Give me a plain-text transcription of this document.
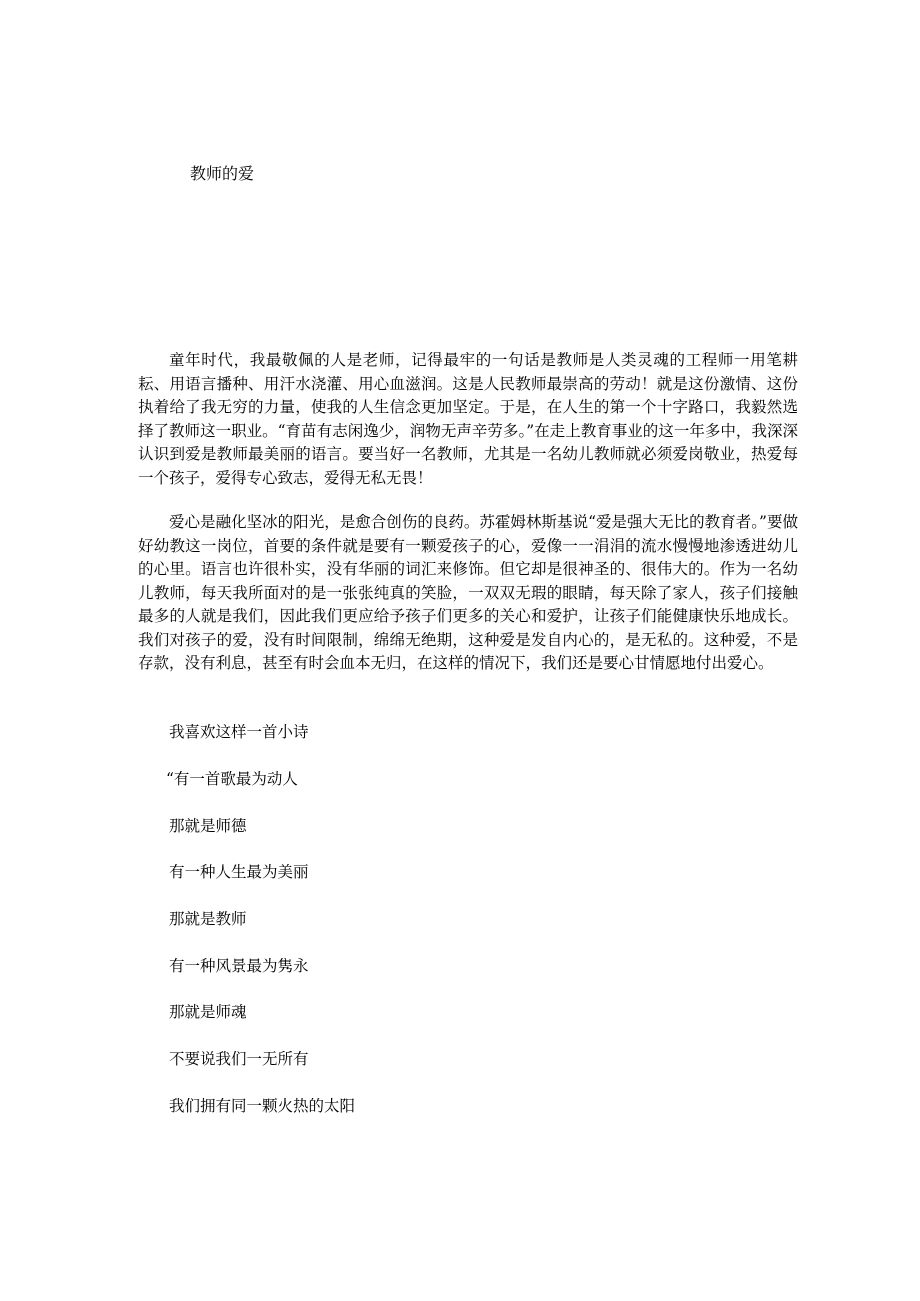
教师的爱

童年时代，我最敬佩的人是老师，记得最牢的一句话是教师是人类灵魂的工程师一用笔耕耘、用语言播种、用汗水浇灌、用心血滋润。这是人民教师最崇高的劳动！就是这份激情、这份执着给了我无穷的力量，使我的人生信念更加坚定。于是，在人生的第一个十字路口，我毅然选择了教师这一职业。“育苗有志闲逸少，润物无声辛劳多。”在走上教育事业的这一年多中，我深深认识到爱是教师最美丽的语言。要当好一名教师，尤其是一名幼儿教师就必须爱岗敬业，热爱每一个孩子，爱得专心致志，爱得无私无畏！

爱心是融化坚冰的阳光，是愈合创伤的良药。苏霍姆林斯基说“爱是强大无比的教育者。”要做好幼教这一岗位，首要的条件就是要有一颗爱孩子的心，爱像一一涓涓的流水慢慢地渗透进幼儿的心里。语言也许很朴实，没有华丽的词汇来修饰。但它却是很神圣的、很伟大的。作为一名幼儿教师，每天我所面对的是一张张纯真的笑脸，一双双无瑕的眼睛，每天除了家人，孩子们接触最多的人就是我们，因此我们更应给予孩子们更多的关心和爱护，让孩子们能健康快乐地成长。我们对孩子的爱，没有时间限制，绵绵无绝期，这种爱是发自内心的，是无私的。这种爱，不是存款，没有利息，甚至有时会血本无归，在这样的情况下，我们还是要心甘情愿地付出爱心。

我喜欢这样一首小诗

“有一首歌最为动人

那就是师德

有一种人生最为美丽

那就是教师

有一种风景最为隽永

那就是师魂

不要说我们一无所有

我们拥有同一颗火热的太阳
